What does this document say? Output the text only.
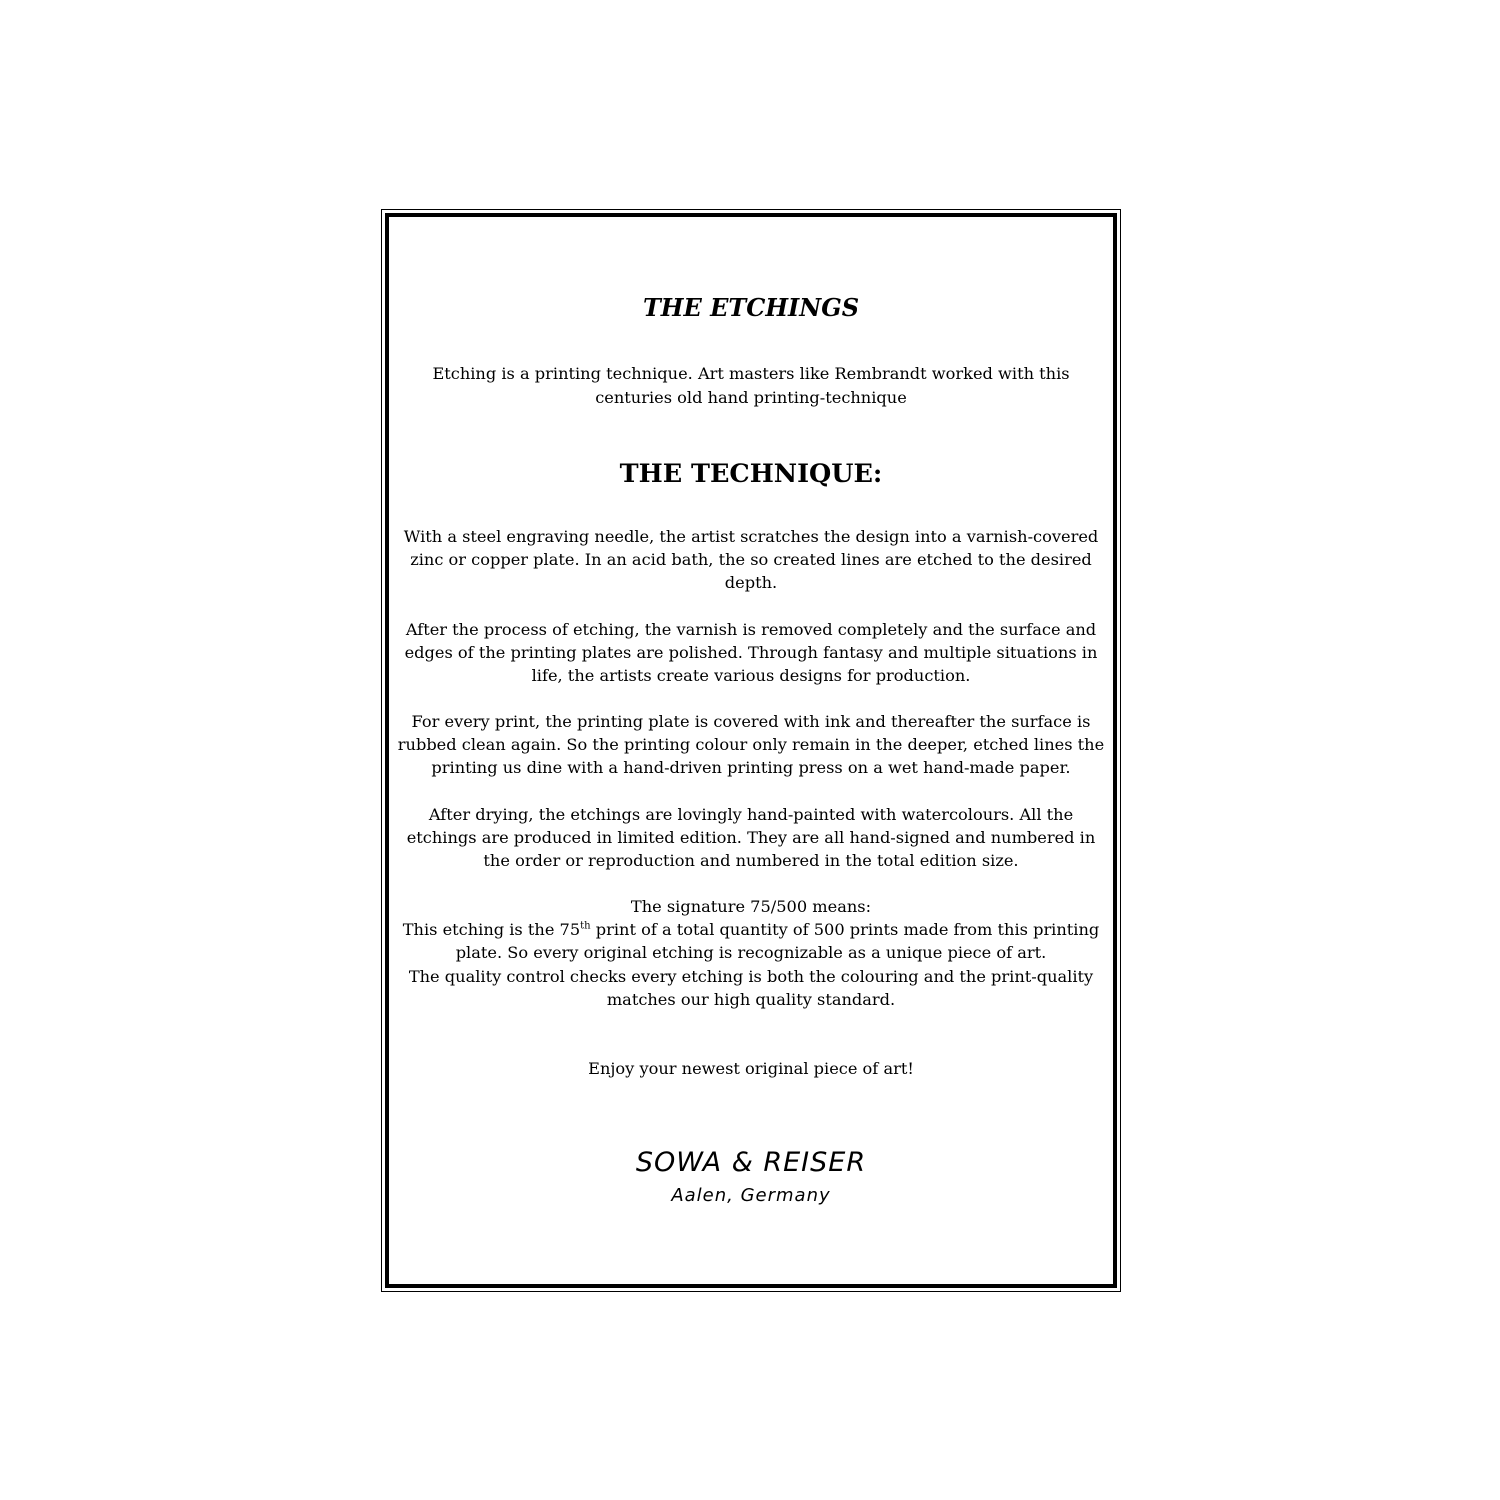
THE ETCHINGS

Etching is a printing technique. Art masters like Rembrandt worked with this centuries old hand printing-technique

THE TECHNIQUE:

With a steel engraving needle, the artist scratches the design into a varnish-covered zinc or copper plate. In an acid bath, the so created lines are etched to the desired depth.

After the process of etching, the varnish is removed completely and the surface and edges of the printing plates are polished. Through fantasy and multiple situations in life, the artists create various designs for production.

For every print, the printing plate is covered with ink and thereafter the surface is rubbed clean again. So the printing colour only remain in the deeper, etched lines the printing us dine with a hand-driven printing press on a wet hand-made paper.

After drying, the etchings are lovingly hand-painted with watercolours. All the etchings are produced in limited edition. They are all hand-signed and numbered in the order or reproduction and numbered in the total edition size.

The signature 75/500 means:
This etching is the 75th print of a total quantity of 500 prints made from this printing plate. So every original etching is recognizable as a unique piece of art.
The quality control checks every etching is both the colouring and the print-quality matches our high quality standard.

Enjoy your newest original piece of art!

SOWA & REISER

Aalen, Germany
